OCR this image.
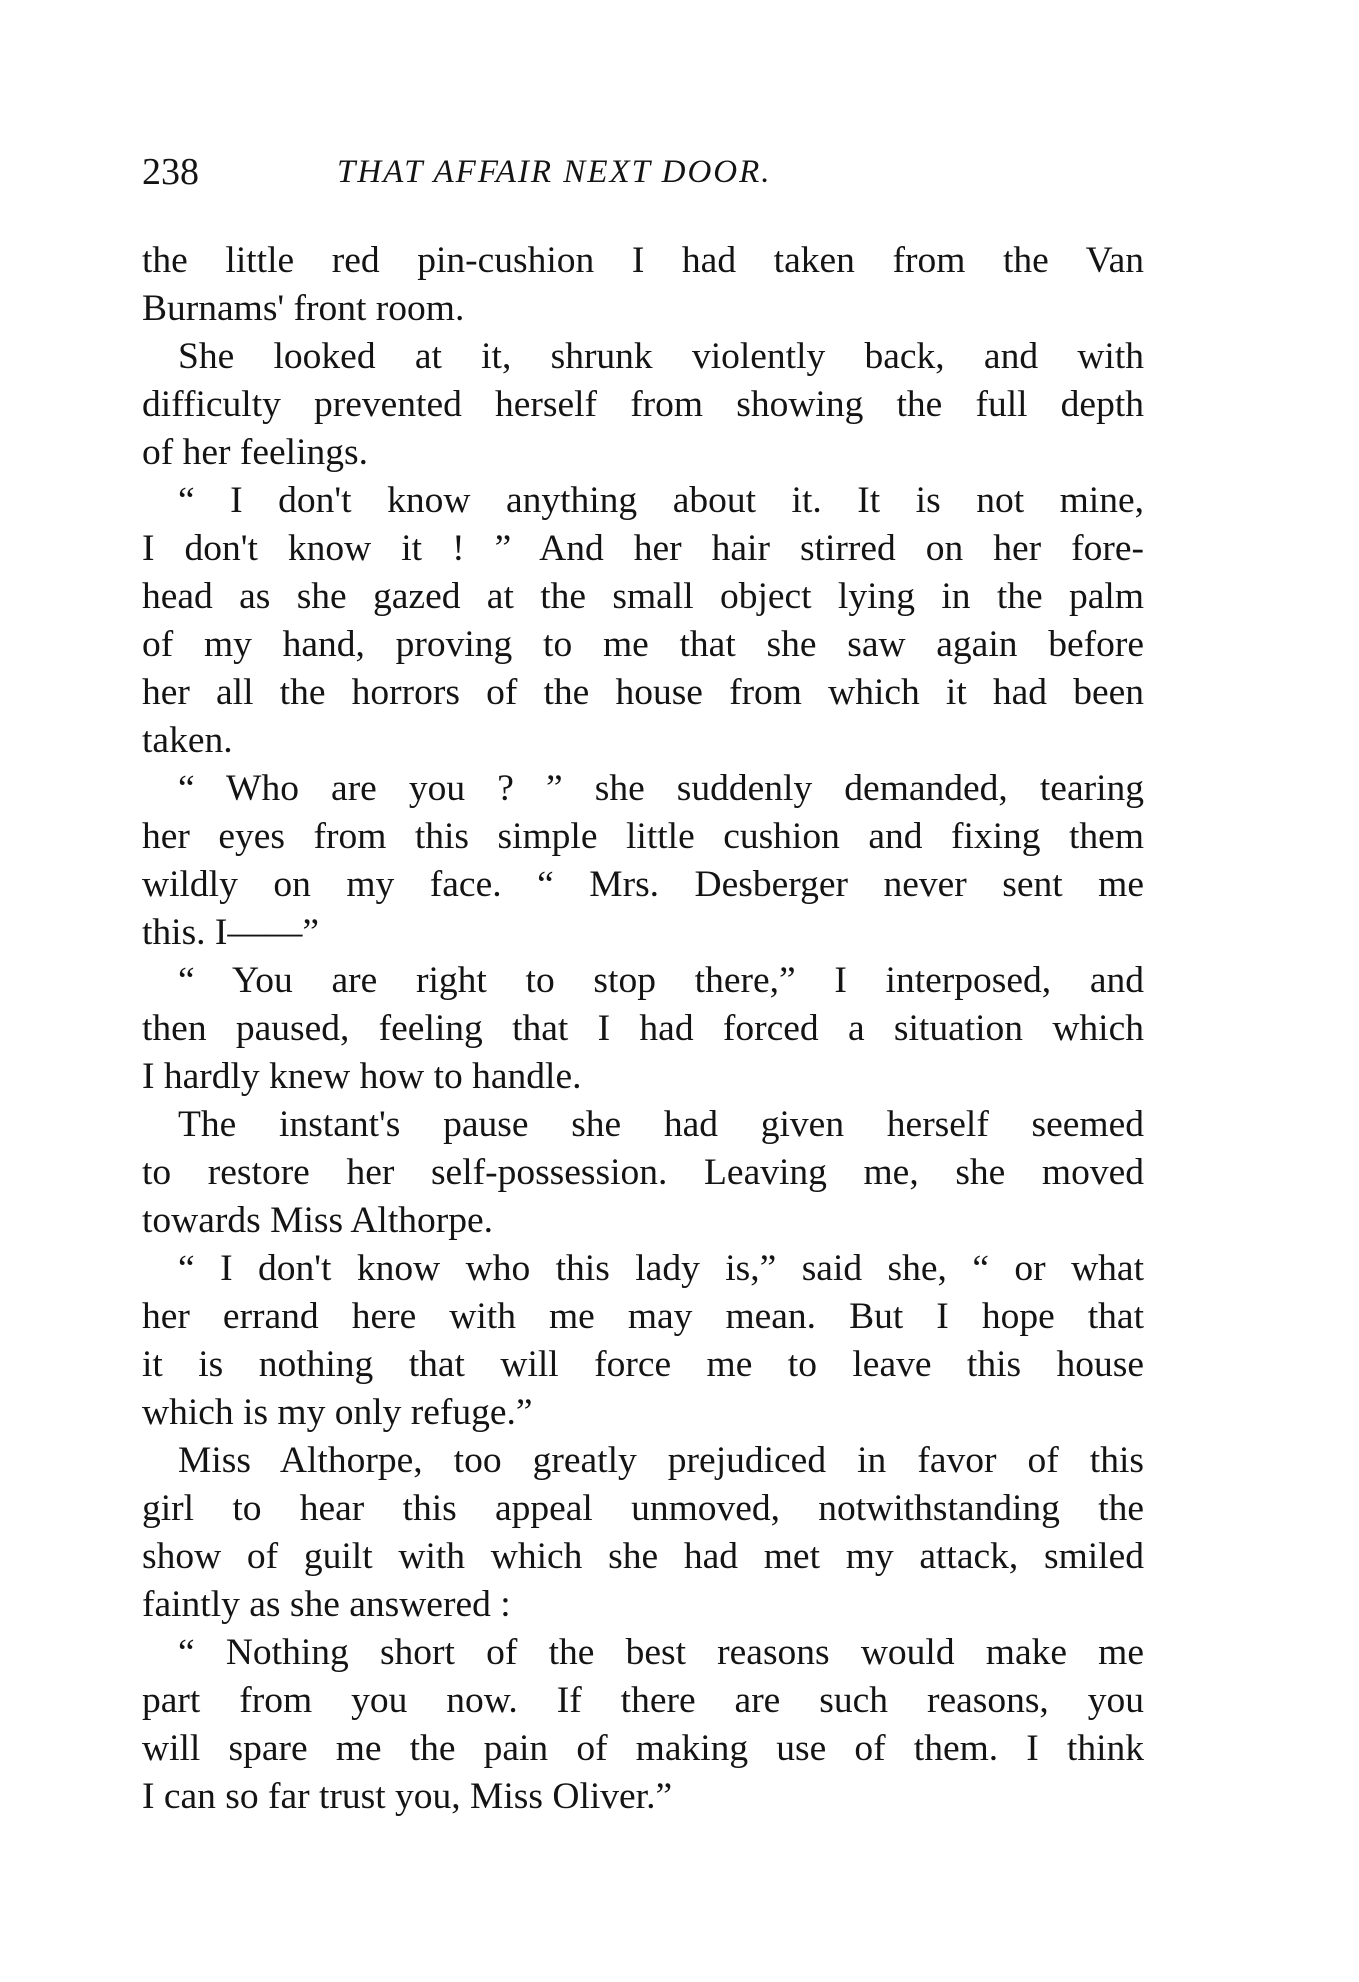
238	THAT AFFAIR NEXT DOOR.
the little red pin-cushion I had taken from the Van
Burnams' front room.
She looked at it, shrunk violently back, and with
difficulty prevented herself from showing the full depth
of her feelings.
“ I don't know anything about it. It is not mine,
I don't know it ! ” And her hair stirred on her fore-
head as she gazed at the small object lying in the palm
of my hand, proving to me that she saw again before
her all the horrors of the house from which it had been
taken.
“ Who are you ? ” she suddenly demanded, tearing
her eyes from this simple little cushion and fixing them
wildly on my face. “ Mrs. Desberger never sent me
this. I——”
“ You are right to stop there,” I interposed, and
then paused, feeling that I had forced a situation which
I hardly knew how to handle.
The instant's pause she had given herself seemed
to restore her self-possession. Leaving me, she moved
towards Miss Althorpe.
“ I don't know who this lady is,” said she, “ or what
her errand here with me may mean. But I hope that
it is nothing that will force me to leave this house
which is my only refuge.”
Miss Althorpe, too greatly prejudiced in favor of this
girl to hear this appeal unmoved, notwithstanding the
show of guilt with which she had met my attack, smiled
faintly as she answered :
“ Nothing short of the best reasons would make me
part from you now. If there are such reasons, you
will spare me the pain of making use of them. I think
I can so far trust you, Miss Oliver.”
